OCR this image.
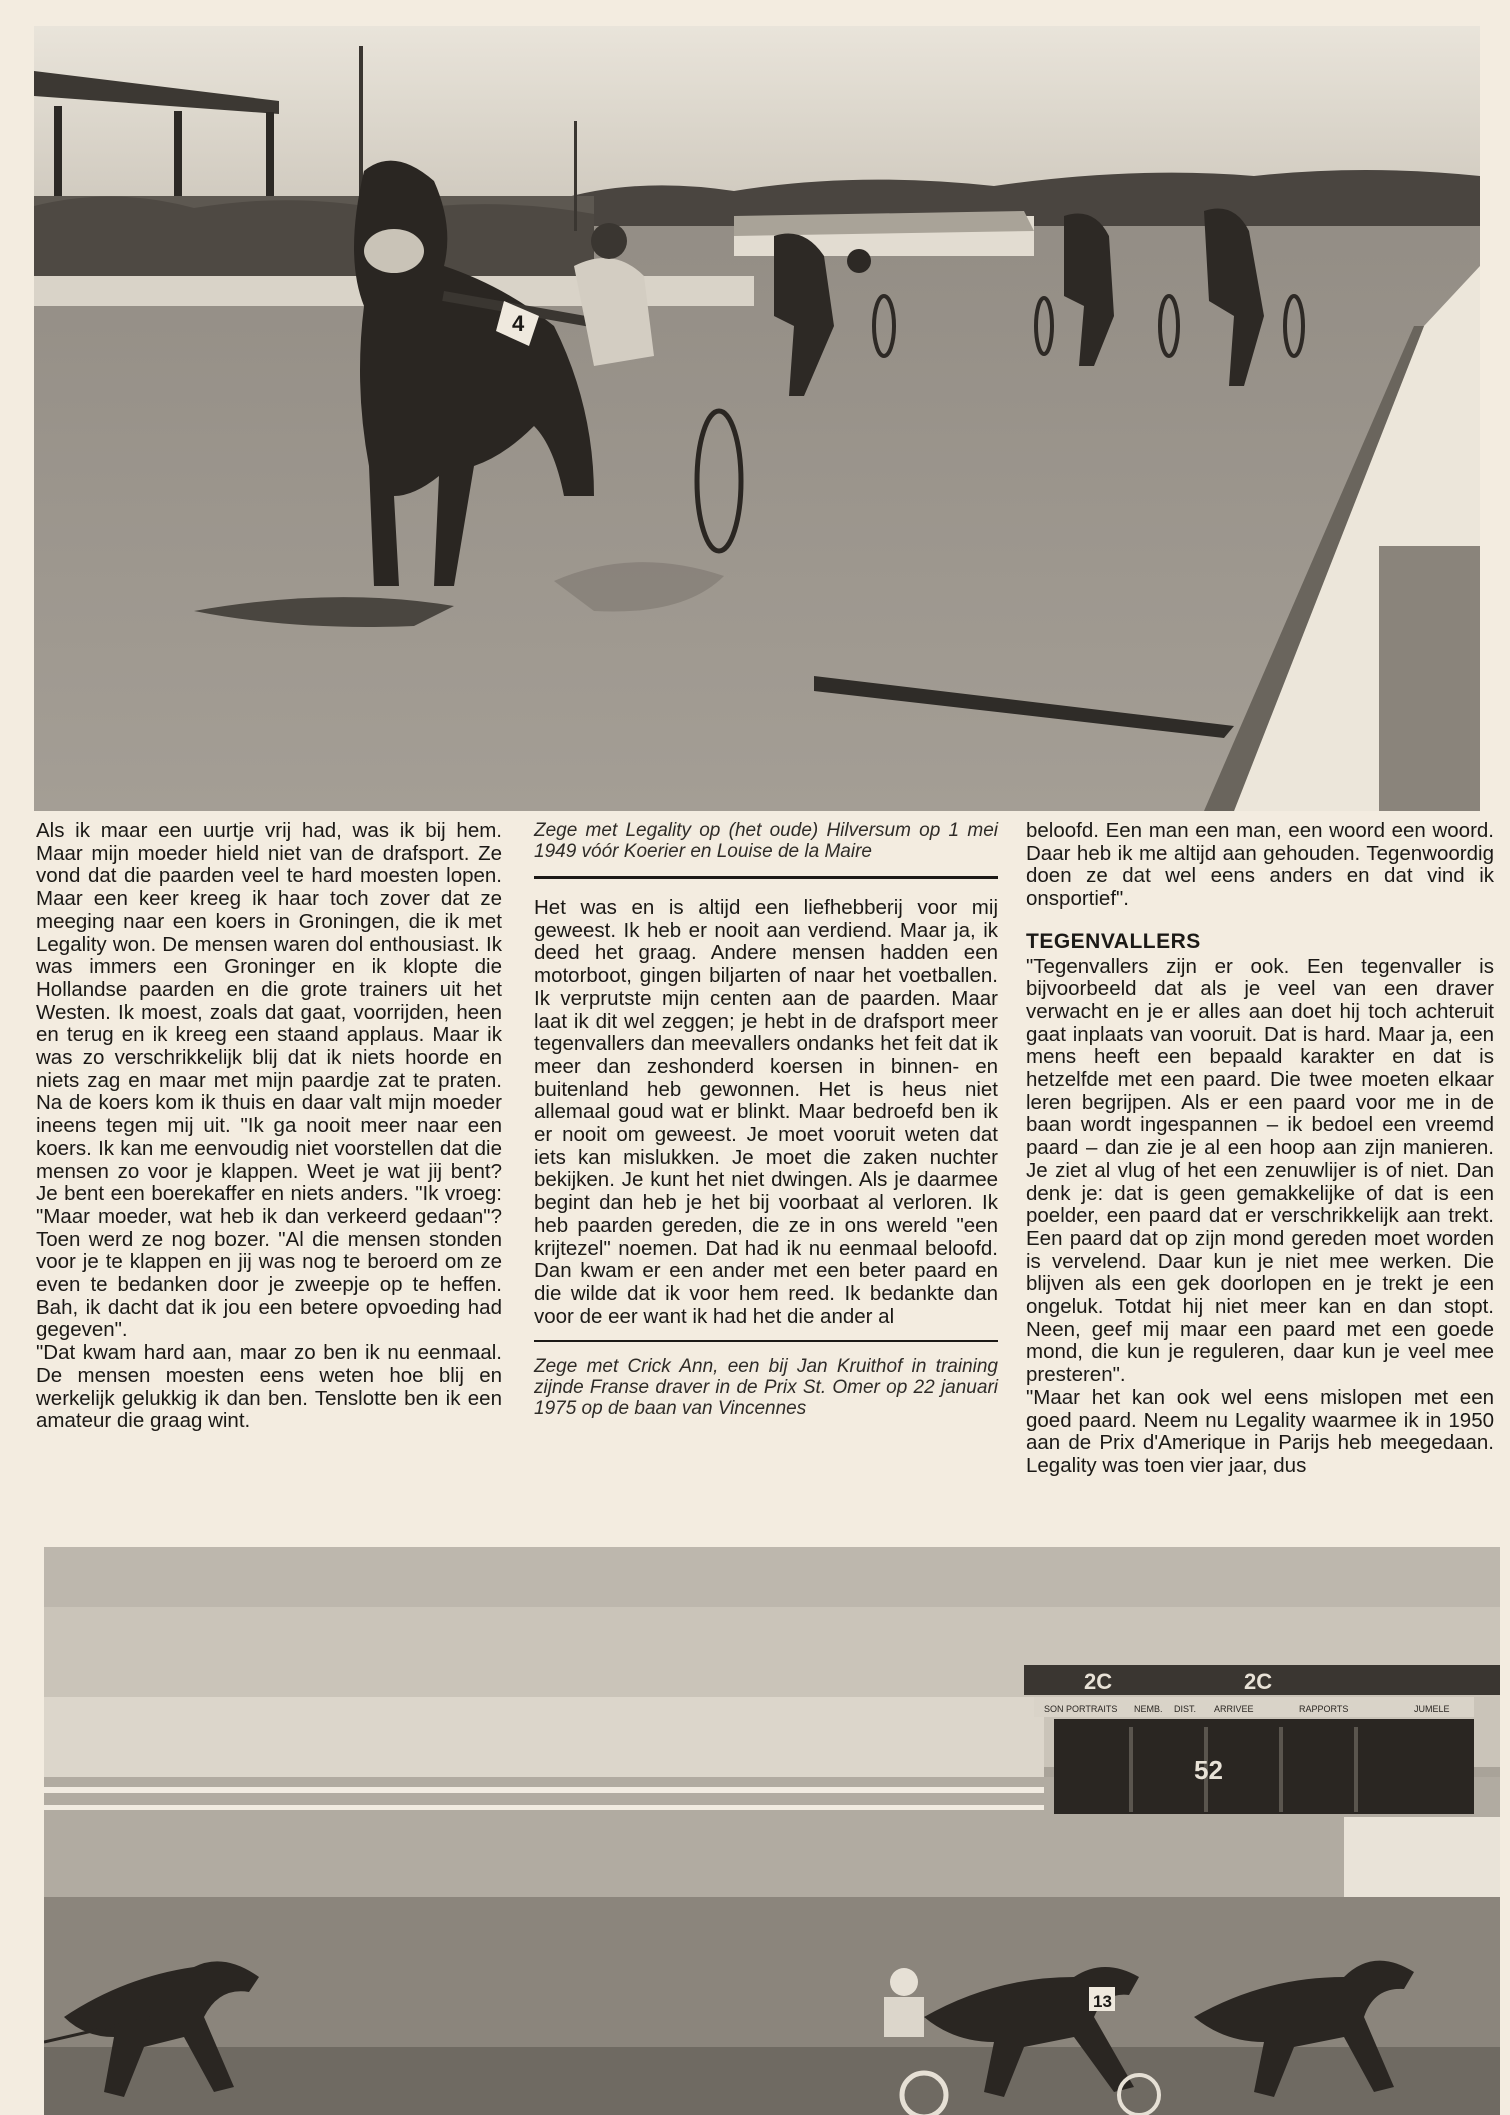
4

Als ik maar een uurtje vrij had, was ik bij hem. Maar mijn moeder hield niet van de drafsport. Ze vond dat die paarden veel te hard moesten lopen. Maar een keer kreeg ik haar toch zover dat ze meeging naar een koers in Groningen, die ik met Legality won. De mensen waren dol enthousiast. Ik was immers een Groninger en ik klopte die Hollandse paarden en die grote trainers uit het Westen. Ik moest, zoals dat gaat, voorrijden, heen en terug en ik kreeg een staand applaus. Maar ik was zo verschrikkelijk blij dat ik niets hoorde en niets zag en maar met mijn paardje zat te praten. Na de koers kom ik thuis en daar valt mijn moeder ineens tegen mij uit. "Ik ga nooit meer naar een koers. Ik kan me eenvoudig niet voorstellen dat die mensen zo voor je klappen. Weet je wat jij bent? Je bent een boerekaffer en niets anders. "Ik vroeg: "Maar moeder, wat heb ik dan verkeerd gedaan"? Toen werd ze nog bozer. "Al die mensen stonden voor je te klappen en jij was nog te beroerd om ze even te bedanken door je zweepje op te heffen. Bah, ik dacht dat ik jou een betere opvoeding had gegeven".

"Dat kwam hard aan, maar zo ben ik nu eenmaal. De mensen moesten eens weten hoe blij en werkelijk gelukkig ik dan ben. Tenslotte ben ik een amateur die graag wint.

Zege met Legality op (het oude) Hilversum op 1 mei 1949 vóór Koerier en Louise de la Maire

Het was en is altijd een liefhebberij voor mij geweest. Ik heb er nooit aan verdiend. Maar ja, ik deed het graag. Andere mensen hadden een motorboot, gingen biljarten of naar het voetballen. Ik verprutste mijn centen aan de paarden. Maar laat ik dit wel zeggen; je hebt in de drafsport meer tegenvallers dan meevallers ondanks het feit dat ik meer dan zeshonderd koersen in binnen- en buitenland heb gewonnen. Het is heus niet allemaal goud wat er blinkt. Maar bedroefd ben ik er nooit om geweest. Je moet vooruit weten dat iets kan mislukken. Je moet die zaken nuchter bekijken. Je kunt het niet dwingen. Als je daarmee begint dan heb je het bij voorbaat al verloren. Ik heb paarden gereden, die ze in ons wereld "een krijtezel" noemen. Dat had ik nu eenmaal beloofd. Dan kwam er een ander met een beter paard en die wilde dat ik voor hem reed. Ik bedankte dan voor de eer want ik had het die ander al

Zege met Crick Ann, een bij Jan Kruithof in training zijnde Franse draver in de Prix St. Omer op 22 januari 1975 op de baan van Vincennes

beloofd. Een man een man, een woord een woord. Daar heb ik me altijd aan gehouden. Tegenwoordig doen ze dat wel eens anders en dat vind ik onsportief".

TEGENVALLERS

"Tegenvallers zijn er ook. Een tegenvaller is bijvoorbeeld dat als je veel van een draver verwacht en je er alles aan doet hij toch achteruit gaat inplaats van vooruit. Dat is hard. Maar ja, een mens heeft een bepaald karakter en dat is hetzelfde met een paard. Die twee moeten elkaar leren begrijpen. Als er een paard voor me in de baan wordt ingespannen – ik bedoel een vreemd paard – dan zie je al een hoop aan zijn manieren. Je ziet al vlug of het een zenuwlijer is of niet. Dan denk je: dat is geen gemakkelijke of dat is een poelder, een paard dat er verschrikkelijk aan trekt. Een paard dat op zijn mond gereden moet worden is vervelend. Daar kun je niet mee werken. Die blijven als een gek doorlopen en je trekt je een ongeluk. Totdat hij niet meer kan en dan stopt. Neen, geef mij maar een paard met een goede mond, die kun je reguleren, daar kun je veel mee presteren".

"Maar het kan ook wel eens mislopen met een goed paard. Neem nu Legality waarmee ik in 1950 aan de Prix d'Amerique in Parijs heb meegedaan. Legality was toen vier jaar, dus

2C	2C
SON PORTRAITS NEMB. DIST. ARRIVEE	RAPPORTS	JUMELE
52
13
